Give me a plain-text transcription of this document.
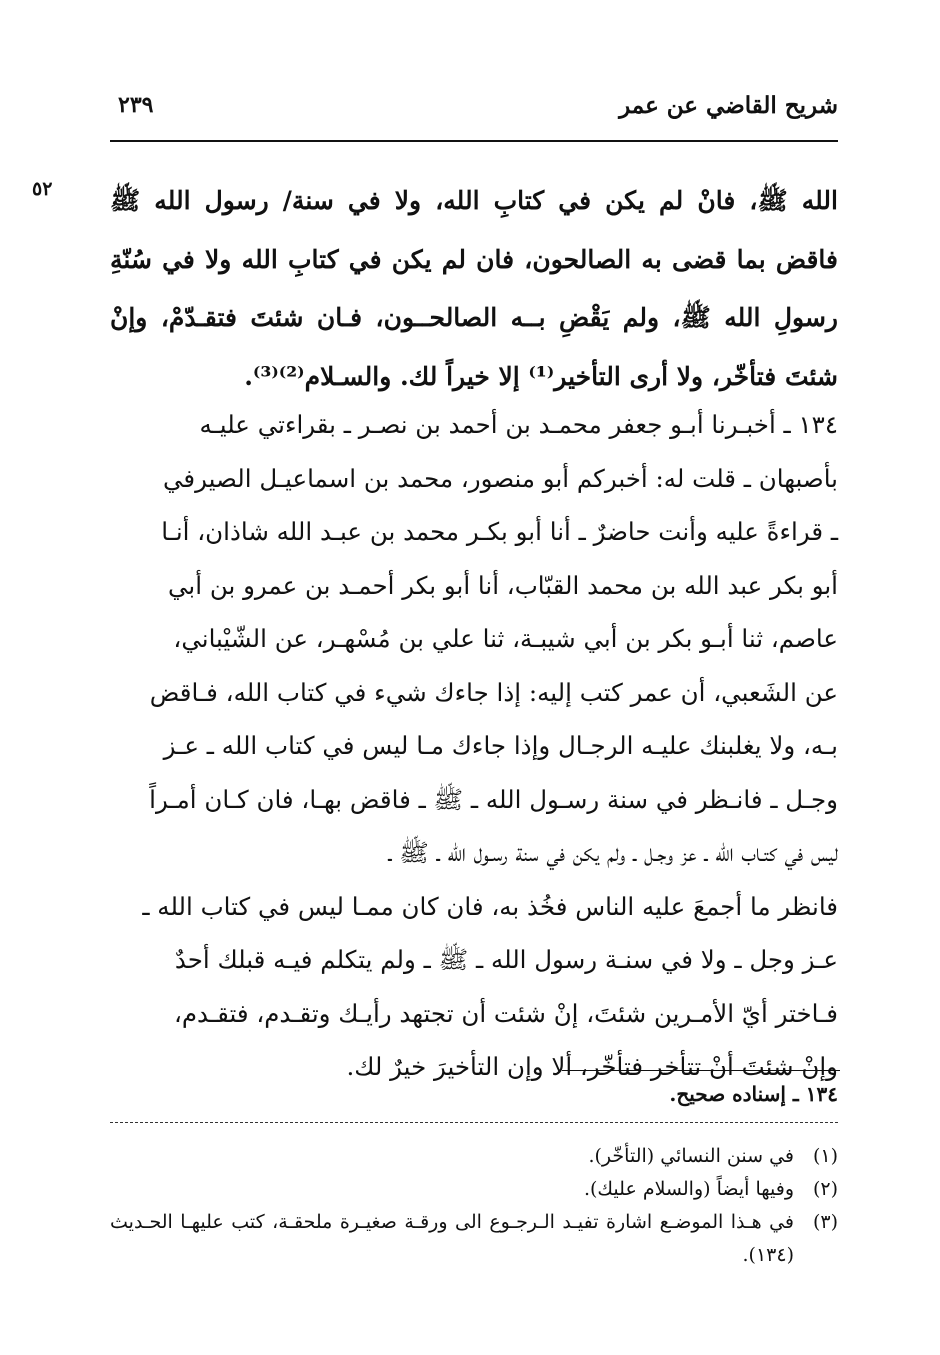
شريح القاضي عن عمر
٢٣٩
٥٢ الله ﷺ، فانْ لم يكن في كتابِ الله، ولا في سنة/ رسول الله ﷺ فاقض بما قضى به الصالحون، فان لم يكن في كتابِ الله ولا في سُنّةِ رسولِ الله ﷺ، ولم يَقْضِ بــه الصالحــون، فـان شئتَ فتقـدّمْ، وإنْ شئتَ فتأخّر، ولا أرى التأخير⁽¹⁾ إلا خيراً لك. والسـلام⁽²⁾⁽³⁾.

١٣٤ ـ أخبـرنا أبـو جعفر محمـد بن أحمد بن نصـر ـ بقراءتي عليـه
بأصبهان ـ قلت له: أخبركم أبو منصور، محمد بن اسماعيـل الصيرفي
ـ قراءةً عليه وأنت حاضرٌ ـ أنا أبو بكـر محمد بن عبـد الله شاذان، أنـا
أبو بكر عبد الله بن محمد القبّاب، أنا أبو بكر أحمـد بن عمرو بن أبي
عاصم، ثنا أبـو بكر بن أبي شيبـة، ثنا علي بن مُسْهـر، عن الشّيْباني،
عن الشَعبي، أن عمر كتب إليه: إذا جاءك شيء في كتاب الله، فـاقض
بـه، ولا يغلبنك عليـه الرجـال وإذا جاءك مـا ليس في كتاب الله ـ عـز
وجـل ـ فانـظر في سنة رسـول الله ـ ﷺ ـ فاقض بهـا، فان كـان أمـراً
ليس في كتـاب الله ـ عز وجـل ـ ولم يكن في سنة رسـول الله ـ ﷺ ـ
فانظر ما أجمعَ عليه الناس فخُذ به، فان كان ممـا ليس في كتاب الله ـ
عـز وجل ـ ولا في سنـة رسول الله ـ ﷺ ـ ولم يتكلم فيـه قبلك أحدٌ
فـاختر أيّ الأمـرين شئتَ، إنْ شئت أن تجتهد رأيـك وتقـدم، فتقـدم،
وإنْ شئتَ أنْ تتأخر فتأخّر، ألا وإن التأخيرَ خيرٌ لك.
١٣٤ ـ إسناده صحيح.
(١)
في سنن النسائي (التأخّر).
(٢)
وفيها أيضاً (والسلام عليك).
(٣)
في هـذا الموضـع اشارة تفيـد الـرجـوع الى ورقـة صغيـرة ملحقـة، كتب عليهـا الحـديث (١٣٤).
